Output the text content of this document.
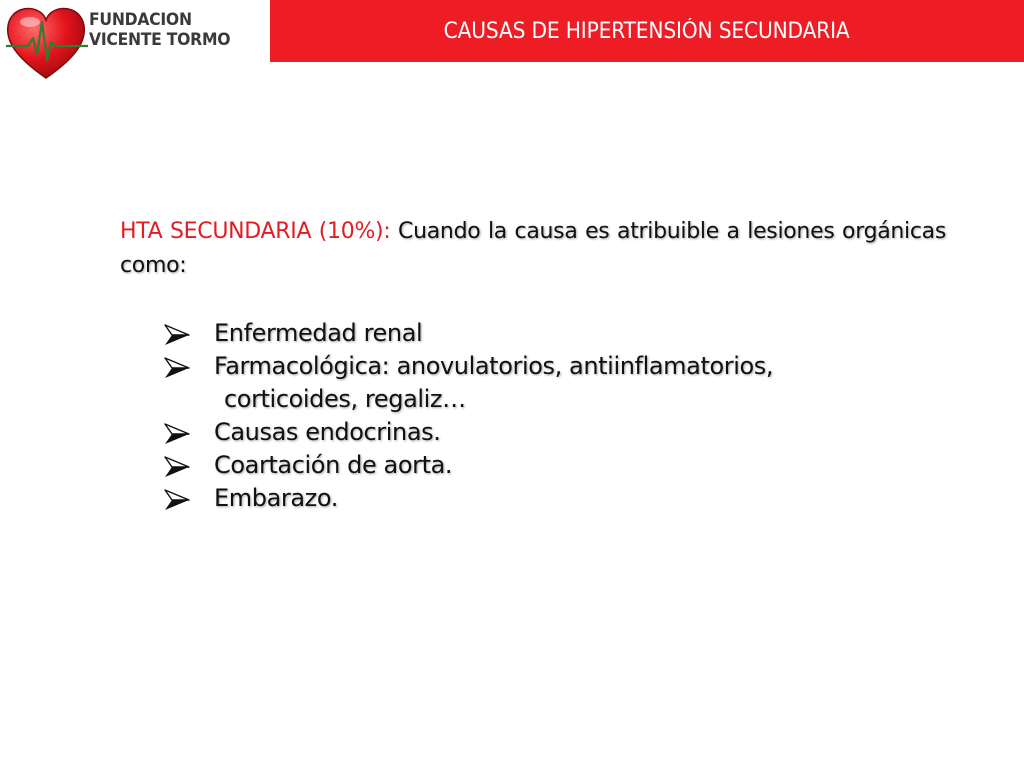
FUNDACION
VICENTE TORMO	CAUSAS DE HIPERTENSIÓN SECUNDARIA

HTA SECUNDARIA (10%): Cuando la causa es atribuible a lesiones orgánicas como:

Enfermedad renal
Farmacológica: anovulatorios, antiinflamatorios,
corticoides, regaliz…
Causas endocrinas.
Coartación de aorta.
Embarazo.
